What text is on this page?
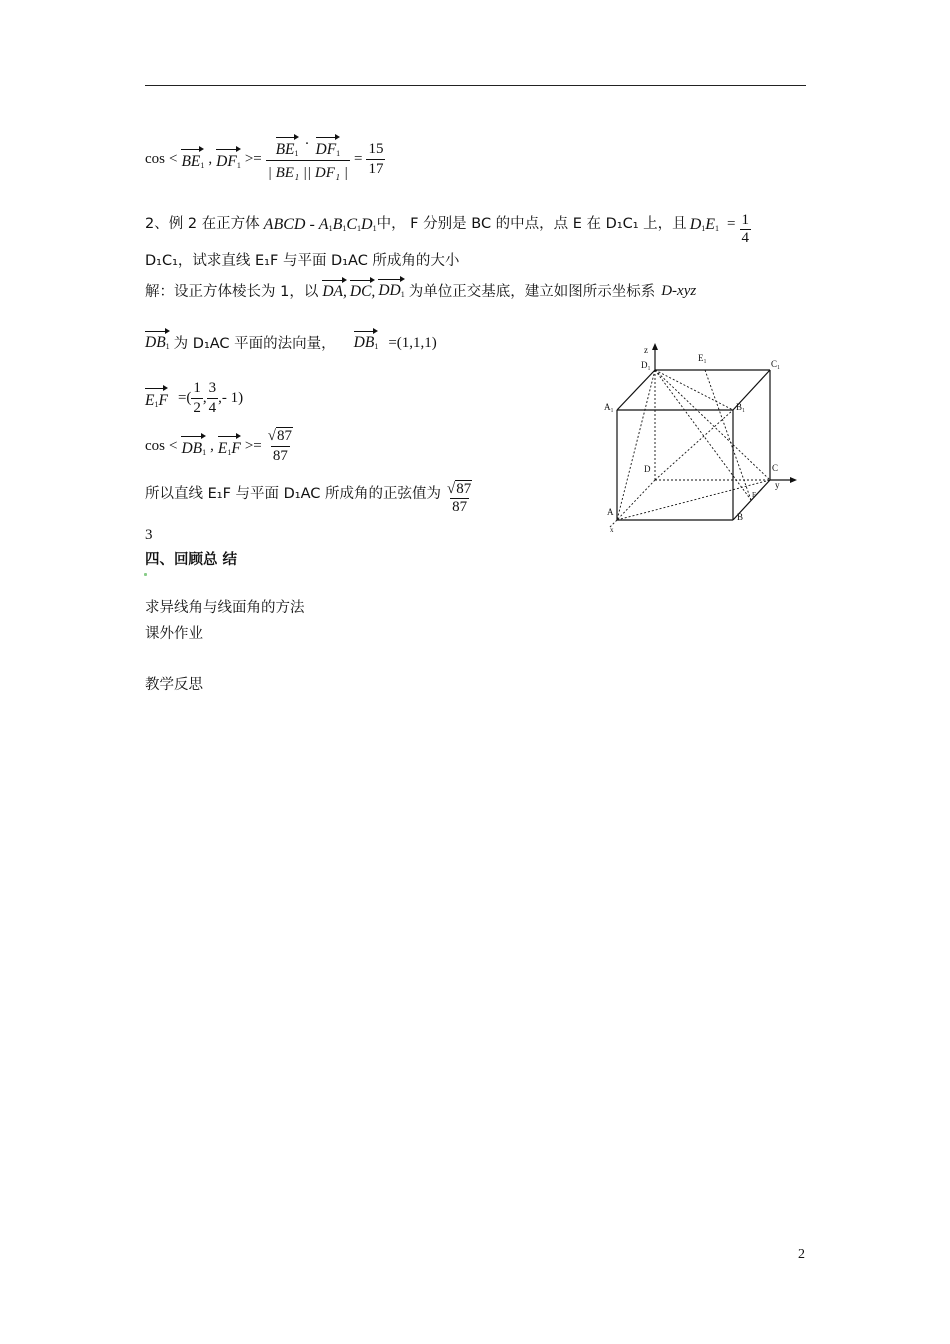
$\cos < BE_1$ , $DF_1 >= BE_1$
· $DF_1$
| BE₁ || DF₁ | = $\frac{15}{17}$
2、例 2 在正方体 ABCD - $A_1B_1C_1D_1$ 中， F 分别是 BC 的中点，点 E 在 D₁C₁ 上，且 $D_1E_1 = \frac{1}{4}$
D₁C₁，试求直线 E₁F 与平面 D₁AC 所成角的大小
解：设正方体棱长为 1，以 DA, DC, $DD_1$ 为单位正交基底，建立如图所示坐标系 D-xyz
$DB_1$ 为 D₁AC 平面的法向量， $DB_1 =(1,1,1)$
$E_1F$ =( $\frac{1}{2}$ , $\frac{3}{4}$ ,- 1)
$\cos < DB_1$ , $E_1F >= \frac{√87}{87}$
所以直线 E₁F 与平面 D₁AC 所成角的正弦值为 $\frac{√87}{87}$
3
四、回顾总 结
求异线角与线面角的方法
课外作业
教学反思
z
D₁
E₁
C₁
A₁	B₁
D	C
y
A
x
B
F
2
